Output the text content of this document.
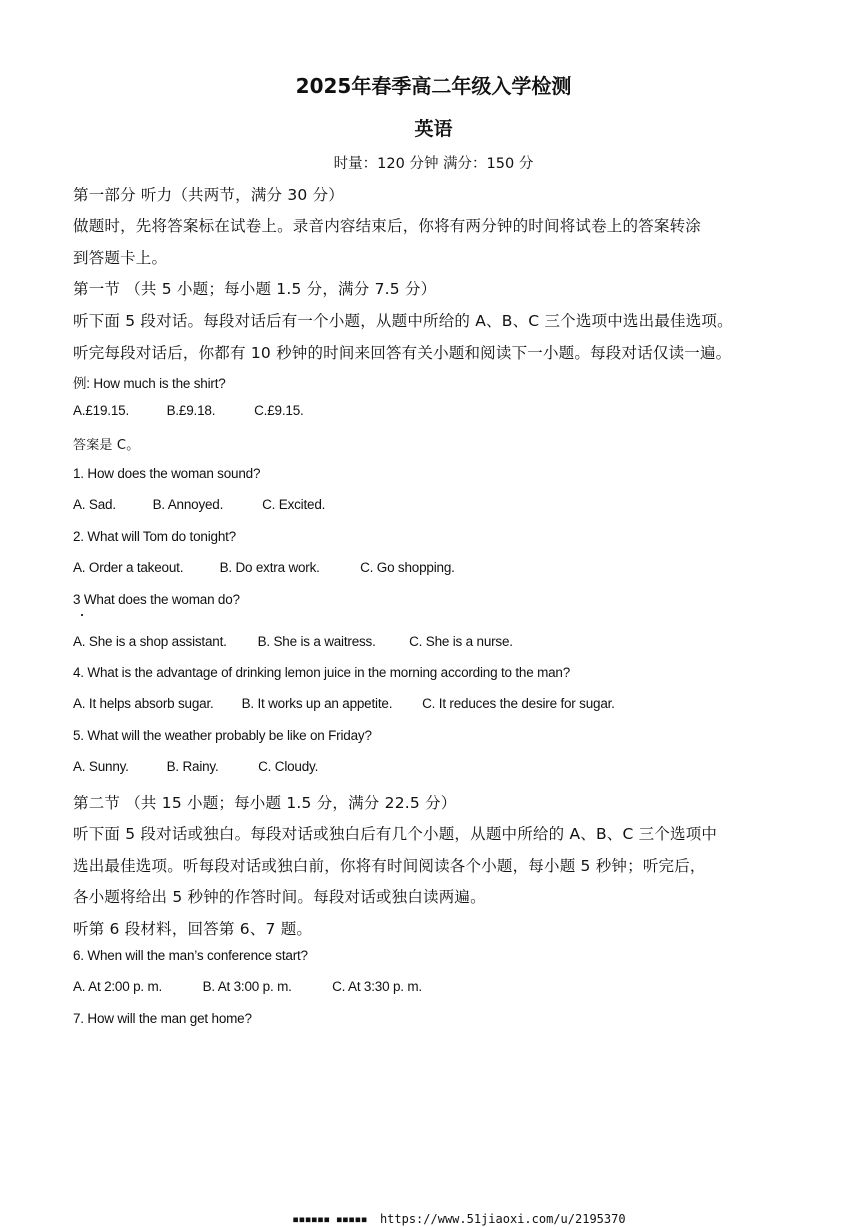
2025年春季高二年级入学检测
英语
时量：120 分钟 满分：150 分
第一部分 听力（共两节，满分 30 分）
做题时，先将答案标在试卷上。录音内容结束后，你将有两分钟的时间将试卷上的答案转涂
到答题卡上。
第一节 （共 5 小题；每小题 1.5 分，满分 7.5 分）
听下面 5 段对话。每段对话后有一个小题，从题中所给的 A、B、C 三个选项中选出最佳选项。
听完每段对话后，你都有 10 秒钟的时间来回答有关小题和阅读下一小题。每段对话仅读一遍。
例: How much is the shirt?
A.£19.15.	B.£9.18.	C.£9.15.
答案是 C。
1. How does the woman sound?
A. Sad.	B. Annoyed.	C. Excited.
2. What will Tom do tonight?
A. Order a takeout.	B. Do extra work.	C. Go shopping.
3 What does the woman do?
A. She is a shop assistant. B. She is a waitress. C. She is a nurse.
4. What is the advantage of drinking lemon juice in the morning according to the man?
A. It helps absorb sugar. B. It works up an appetite. C. It reduces the desire for sugar.
5. What will the weather probably be like on Friday?
A. Sunny.	B. Rainy.	C. Cloudy.
第二节 （共 15 小题；每小题 1.5 分，满分 22.5 分）
听下面 5 段对话或独白。每段对话或独白后有几个小题，从题中所给的 A、B、C 三个选项中
选出最佳选项。听每段对话或独白前，你将有时间阅读各个小题，每小题 5 秒钟；听完后，
各小题将给出 5 秒钟的作答时间。每段对话或独白读两遍。
听第 6 段材料，回答第 6、7 题。
6. When will the man’s conference start?
A. At 2:00 p. m.	B. At 3:00 p. m.	C. At 3:30 p. m.
7. How will the man get home?
▪▪▪▪▪▪ ▪▪▪▪▪ https://www.51jiaoxi.com/u/2195370
